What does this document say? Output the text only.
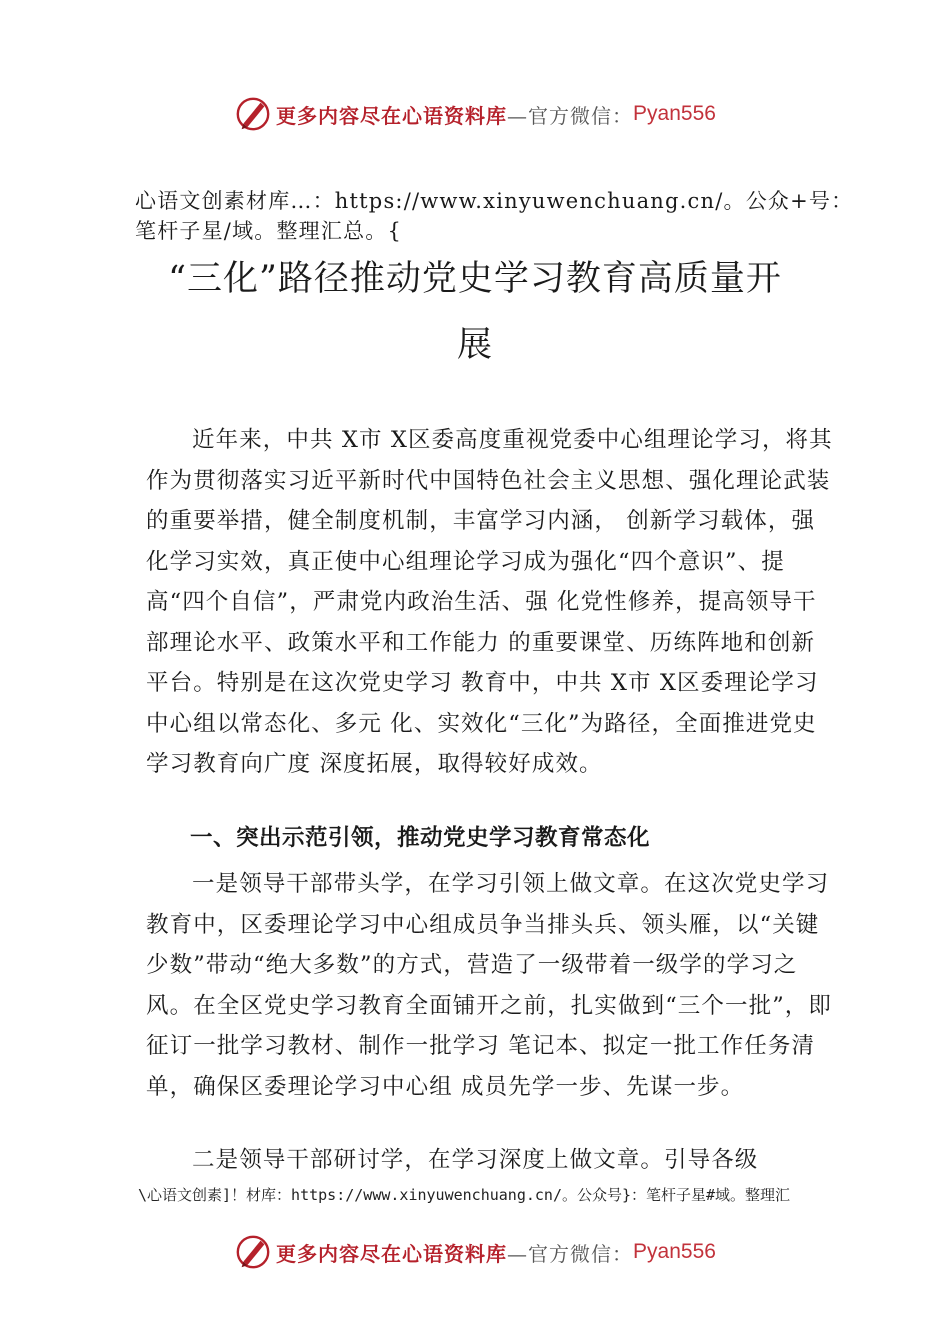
更多内容尽在心语资料库 —官方微信： Pyan556
心语文创素材库…：https://www.xinyuwenchuang.cn/。公众+号：笔杆子星/域。整理汇总。{
“三化”路径推动党史学习教育高质量开
展

近年来，中共 X市 X区委高度重视党委中心组理论学习，将其作为贯彻落实习近平新时代中国特色社会主义思想、强化理论武装的重要举措，健全制度机制，丰富学习内涵， 创新学习载体，强化学习实效，真正使中心组理论学习成为强化“四个意识”、提高“四个自信”，严肃党内政治生活、强 化党性修养，提高领导干部理论水平、政策水平和工作能力 的重要课堂、历练阵地和创新平台。特别是在这次党史学习 教育中，中共 X市 X区委理论学习中心组以常态化、多元 化、实效化“三化”为路径，全面推进党史学习教育向广度 深度拓展，取得较好成效。

一、突出示范引领，推动党史学习教育常态化

一是领导干部带头学，在学习引领上做文章。在这次党史学习教育中，区委理论学习中心组成员争当排头兵、领头雁，以“关键少数”带动“绝大多数”的方式，营造了一级带着一级学的学习之风。在全区党史学习教育全面铺开之前，扎实做到“三个一批”，即征订一批学习教材、制作一批学习 笔记本、拟定一批工作任务清单，确保区委理论学习中心组 成员先学一步、先谋一步。

二是领导干部研讨学，在学习深度上做文章。引导各级

\心语文创素]！材库：https://www.xinyuwenchuang.cn/。公众号}：笔杆子星#域。整理汇
更多内容尽在心语资料库 —官方微信： Pyan556
